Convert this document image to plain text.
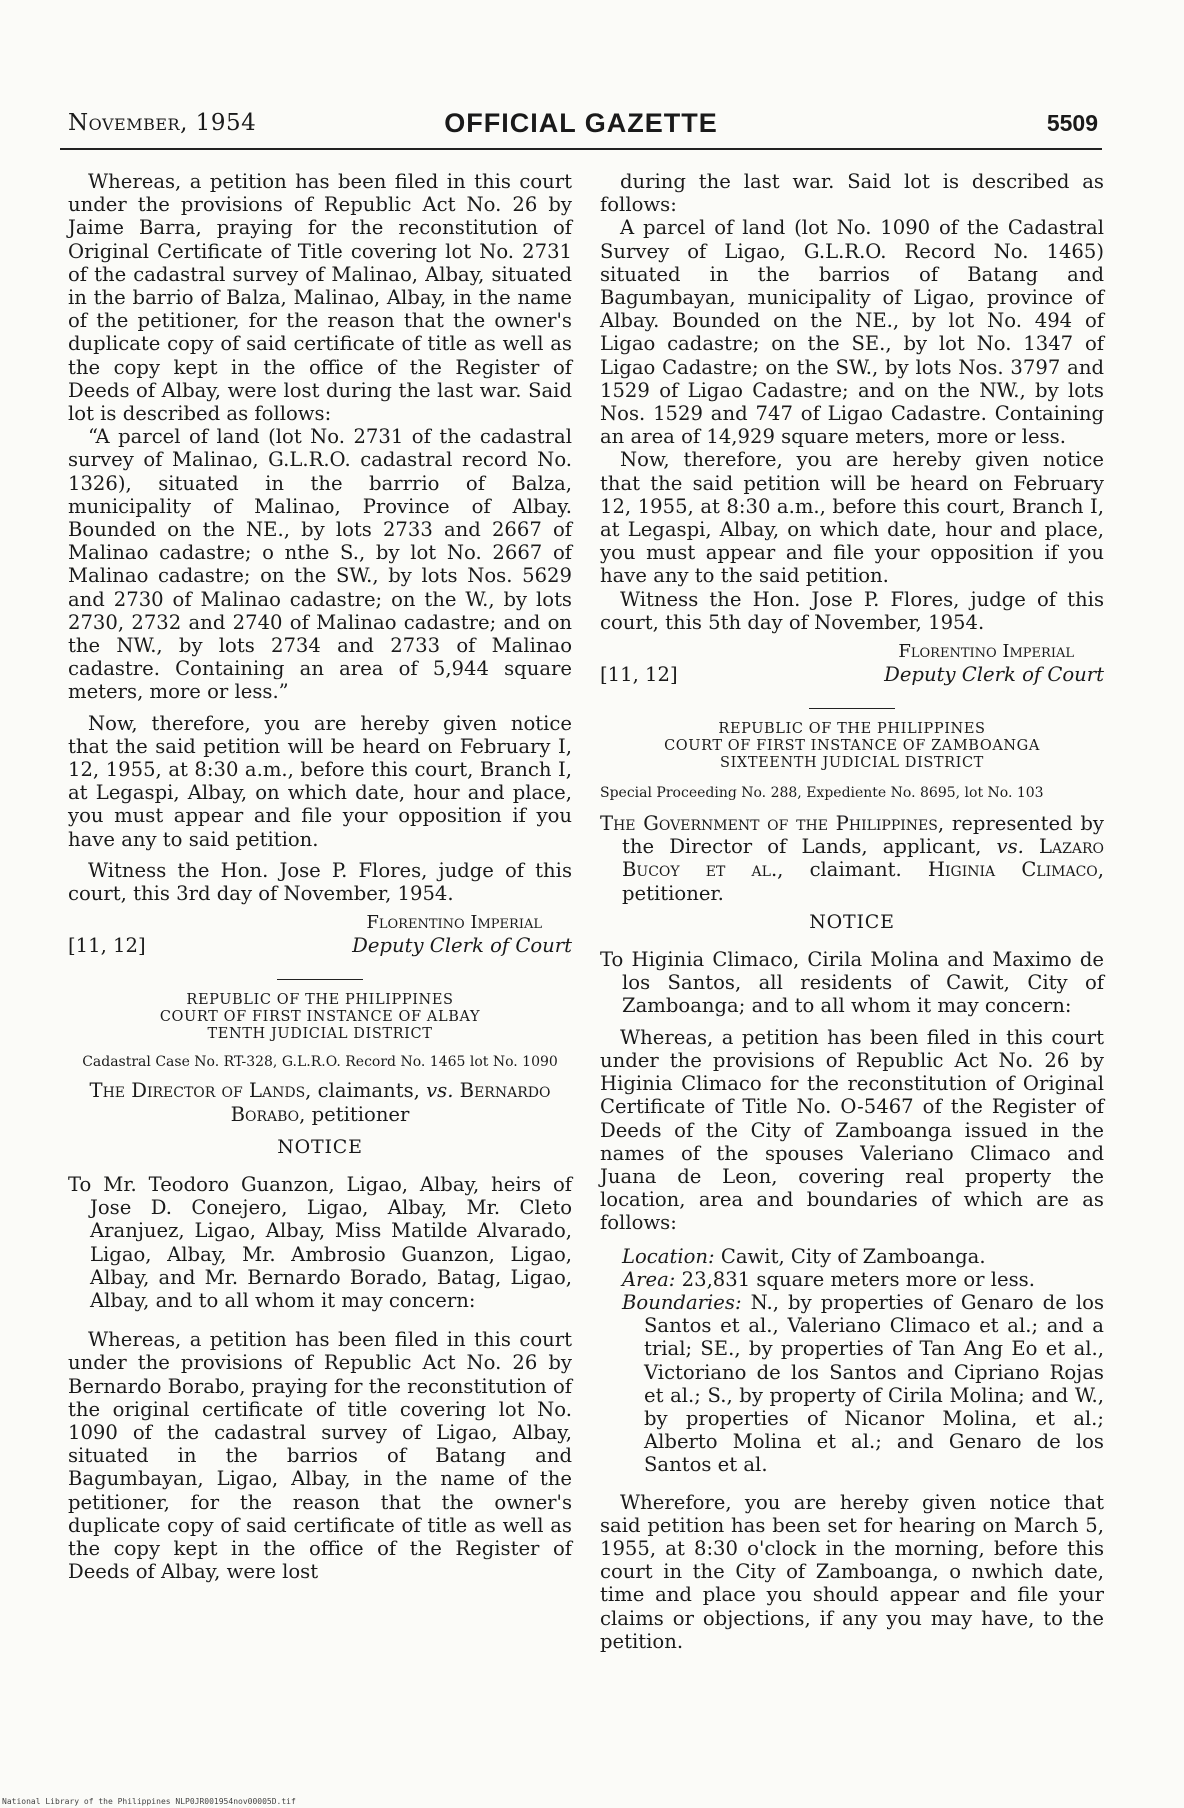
November, 1954	OFFICIAL GAZETTE	5509

Whereas, a petition has been filed in this court under the provisions of Republic Act No. 26 by Jaime Barra, praying for the reconstitution of Original Certificate of Title covering lot No. 2731 of the cadastral survey of Malinao, Albay, situated in the barrio of Balza, Malinao, Albay, in the name of the petitioner, for the reason that the owner's duplicate copy of said certificate of title as well as the copy kept in the office of the Register of Deeds of Albay, were lost during the last war. Said lot is described as follows:

“A parcel of land (lot No. 2731 of the cadastral survey of Malinao, G.L.R.O. cadastral record No. 1326), situated in the barrrio of Balza, municipality of Malinao, Province of Albay. Bounded on the NE., by lots 2733 and 2667 of Malinao cadastre; o nthe S., by lot No. 2667 of Malinao cadastre; on the SW., by lots Nos. 5629 and 2730 of Malinao cadastre; on the W., by lots 2730, 2732 and 2740 of Malinao cadastre; and on the NW., by lots 2734 and 2733 of Malinao cadastre. Containing an area of 5,944 square meters, more or less.”

Now, therefore, you are hereby given notice that the said petition will be heard on February I, 12, 1955, at 8:30 a.m., before this court, Branch I, at Legaspi, Albay, on which date, hour and place, you must appear and file your opposition if you have any to said petition.

Witness the Hon. Jose P. Flores, judge of this court, this 3rd day of November, 1954.

Florentino Imperial
[11, 12]	Deputy Clerk of Court
REPUBLIC OF THE PHILIPPINES
COURT OF FIRST INSTANCE OF ALBAY
TENTH JUDICIAL DISTRICT
Cadastral Case No. RT-328, G.L.R.O. Record No. 1465 lot No. 1090
The Director of Lands, claimants, vs. Bernardo Borabo, petitioner
NOTICE

To Mr. Teodoro Guanzon, Ligao, Albay, heirs of Jose D. Conejero, Ligao, Albay, Mr. Cleto Aranjuez, Ligao, Albay, Miss Matilde Alvarado, Ligao, Albay, Mr. Ambrosio Guanzon, Ligao, Albay, and Mr. Bernardo Borado, Batag, Ligao, Albay, and to all whom it may concern:

Whereas, a petition has been filed in this court under the provisions of Republic Act No. 26 by Bernardo Borabo, praying for the reconstitution of the original certificate of title covering lot No. 1090 of the cadastral survey of Ligao, Albay, situated in the barrios of Batang and Bagumbayan, Ligao, Albay, in the name of the petitioner, for the reason that the owner's duplicate copy of said certificate of title as well as the copy kept in the office of the Register of Deeds of Albay, were lost

during the last war. Said lot is described as follows:

A parcel of land (lot No. 1090 of the Cadastral Survey of Ligao, G.L.R.O. Record No. 1465) situated in the barrios of Batang and Bagumbayan, municipality of Ligao, province of Albay. Bounded on the NE., by lot No. 494 of Ligao cadastre; on the SE., by lot No. 1347 of Ligao Cadastre; on the SW., by lots Nos. 3797 and 1529 of Ligao Cadastre; and on the NW., by lots Nos. 1529 and 747 of Ligao Cadastre. Containing an area of 14,929 square meters, more or less.

Now, therefore, you are hereby given notice that the said petition will be heard on February 12, 1955, at 8:30 a.m., before this court, Branch I, at Legaspi, Albay, on which date, hour and place, you must appear and file your opposition if you have any to the said petition.

Witness the Hon. Jose P. Flores, judge of this court, this 5th day of November, 1954.

Florentino Imperial
[11, 12]	Deputy Clerk of Court
REPUBLIC OF THE PHILIPPINES
COURT OF FIRST INSTANCE OF ZAMBOANGA
SIXTEENTH JUDICIAL DISTRICT
Special Proceeding No. 288, Expediente No. 8695, lot No. 103

The Government of the Philippines, represented by the Director of Lands, applicant, vs. Lazaro Bucoy et al., claimant. Higinia Climaco, petitioner.

NOTICE

To Higinia Climaco, Cirila Molina and Maximo de los Santos, all residents of Cawit, City of Zamboanga; and to all whom it may concern:

Whereas, a petition has been filed in this court under the provisions of Republic Act No. 26 by Higinia Climaco for the reconstitution of Original Certificate of Title No. O-5467 of the Register of Deeds of the City of Zamboanga issued in the names of the spouses Valeriano Climaco and Juana de Leon, covering real property the location, area and boundaries of which are as follows:

Location: Cawit, City of Zamboanga.

Area: 23,831 square meters more or less.

Boundaries: N., by properties of Genaro de los Santos et al., Valeriano Climaco et al.; and a trial; SE., by properties of Tan Ang Eo et al., Victoriano de los Santos and Cipriano Rojas et al.; S., by property of Cirila Molina; and W., by properties of Nicanor Molina, et al.; Alberto Molina et al.; and Genaro de los Santos et al.

Wherefore, you are hereby given notice that said petition has been set for hearing on March 5, 1955, at 8:30 o'clock in the morning, before this court in the City of Zamboanga, o nwhich date, time and place you should appear and file your claims or objections, if any you may have, to the petition.

National Library of the Philippines NLP0JR001954nov00005D.tif
